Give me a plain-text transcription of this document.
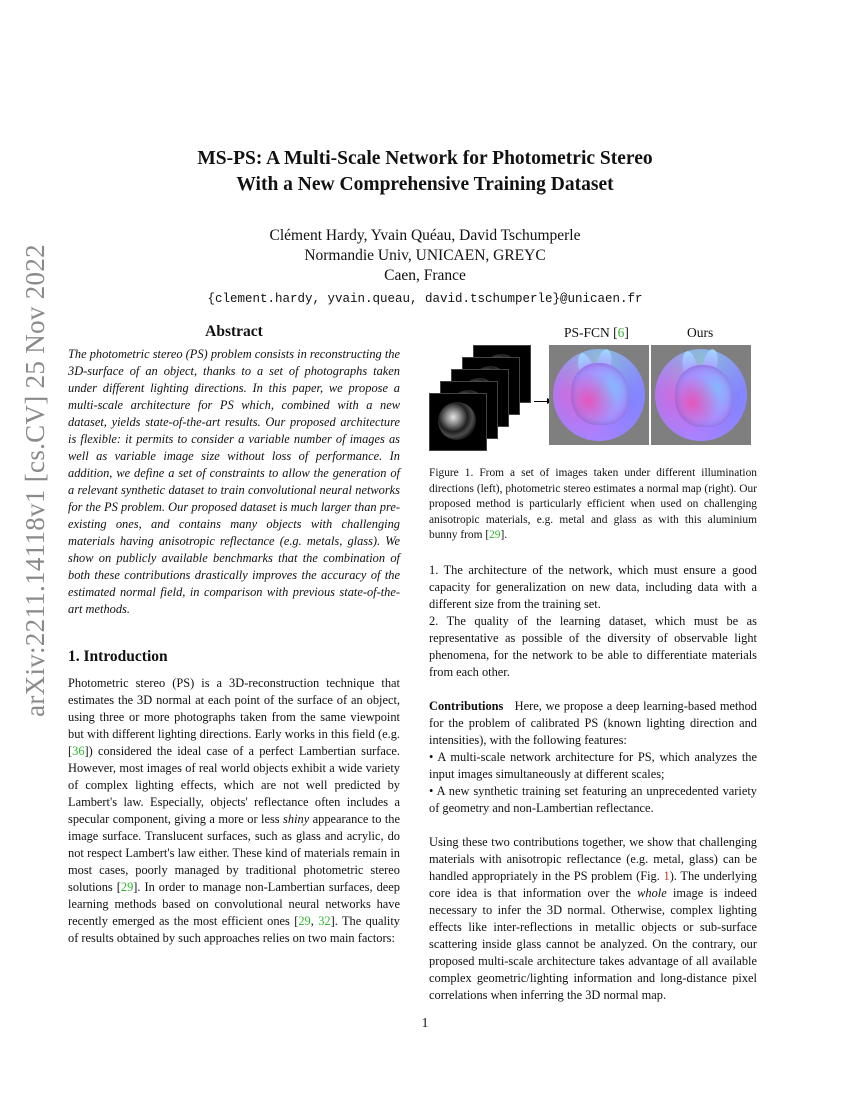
arXiv:2211.14118v1 [cs.CV] 25 Nov 2022
MS-PS: A Multi-Scale Network for Photometric Stereo
With a New Comprehensive Training Dataset
Clément Hardy, Yvain Quéau, David Tschumperle
Normandie Univ, UNICAEN, GREYC
Caen, France
{clement.hardy, yvain.queau, david.tschumperle}@unicaen.fr
Abstract

The photometric stereo (PS) problem consists in reconstructing the 3D-surface of an object, thanks to a set of photographs taken under different lighting directions. In this paper, we propose a multi-scale architecture for PS which, combined with a new dataset, yields state-of-the-art results. Our proposed architecture is flexible: it permits to consider a variable number of images as well as variable image size without loss of performance. In addition, we define a set of constraints to allow the generation of a relevant synthetic dataset to train convolutional neural networks for the PS problem. Our proposed dataset is much larger than pre-existing ones, and contains many objects with challenging materials having anisotropic reflectance (e.g. metals, glass). We show on publicly available benchmarks that the combination of both these contributions drastically improves the accuracy of the estimated normal field, in comparison with previous state-of-the-art methods.

1. Introduction

Photometric stereo (PS) is a 3D-reconstruction technique that estimates the 3D normal at each point of the surface of an object, using three or more photographs taken from the same viewpoint but with different lighting directions. Early works in this field (e.g. [36]) considered the ideal case of a perfect Lambertian surface. However, most images of real world objects exhibit a wide variety of complex lighting effects, which are not well predicted by Lambert's law. Especially, objects' reflectance often includes a specular component, giving a more or less shiny appearance to the image surface. Translucent surfaces, such as glass and acrylic, do not respect Lambert's law either. These kind of materials remain in most cases, poorly managed by traditional photometric stereo solutions [29]. In order to manage non-Lambertian surfaces, deep learning methods based on convolutional neural networks have recently emerged as the most efficient ones [29, 32]. The quality of results obtained by such approaches relies on two main factors:

PS-FCN [6]	Ours

Figure 1. From a set of images taken under different illumination directions (left), photometric stereo estimates a normal map (right). Our proposed method is particularly efficient when used on challenging anisotropic materials, e.g. metal and glass as with this aluminium bunny from [29].

1. The architecture of the network, which must ensure a good capacity for generalization on new data, including data with a different size from the training set.

2. The quality of the learning dataset, which must be as representative as possible of the diversity of observable light phenomena, for the network to be able to differentiate materials from each other.

Contributions Here, we propose a deep learning-based method for the problem of calibrated PS (known lighting direction and intensities), with the following features:

• A multi-scale network architecture for PS, which analyzes the input images simultaneously at different scales;

• A new synthetic training set featuring an unprecedented variety of geometry and non-Lambertian reflectance.

Using these two contributions together, we show that challenging materials with anisotropic reflectance (e.g. metal, glass) can be handled appropriately in the PS problem (Fig. 1). The underlying core idea is that information over the whole image is indeed necessary to infer the 3D normal. Otherwise, complex lighting effects like inter-reflections in metallic objects or sub-surface scattering inside glass cannot be analyzed. On the contrary, our proposed multi-scale architecture takes advantage of all available complex geometric/lighting information and long-distance pixel correlations when inferring the 3D normal map.

1
